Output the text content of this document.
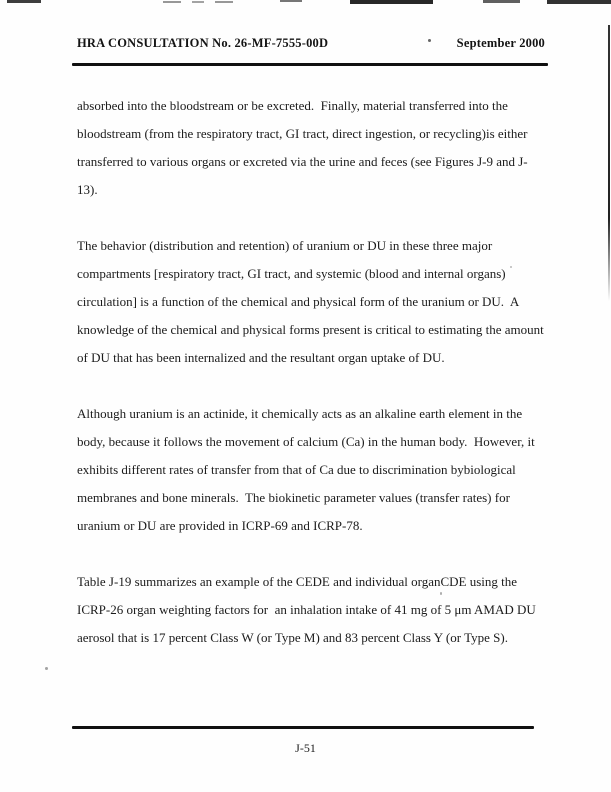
HRA CONSULTATION No. 26-MF-7555-00D	September 2000

absorbed into the bloodstream or be excreted.  Finally, material transferred into the bloodstream (from the respiratory tract, GI tract, direct ingestion, or recycling)is either transferred to various organs or excreted via the urine and feces (see Figures J-9 and J-13).

The behavior (distribution and retention) of uranium or DU in these three major compartments [respiratory tract, GI tract, and systemic (blood and internal organs) circulation] is a function of the chemical and physical form of the uranium or DU.  A knowledge of the chemical and physical forms present is critical to estimating the amount of DU that has been internalized and the resultant organ uptake of DU.

Although uranium is an actinide, it chemically acts as an alkaline earth element in the body, because it follows the movement of calcium (Ca) in the human body.  However, it exhibits different rates of transfer from that of Ca due to discrimination bybiological membranes and bone minerals.  The biokinetic parameter values (transfer rates) for uranium or DU are provided in ICRP-69 and ICRP-78.

Table J-19 summarizes an example of the CEDE and individual organCDE using the ICRP-26 organ weighting factors for  an inhalation intake of 41 mg of 5 μm AMAD DU aerosol that is 17 percent Class W (or Type M) and 83 percent Class Y (or Type S).

J-51
